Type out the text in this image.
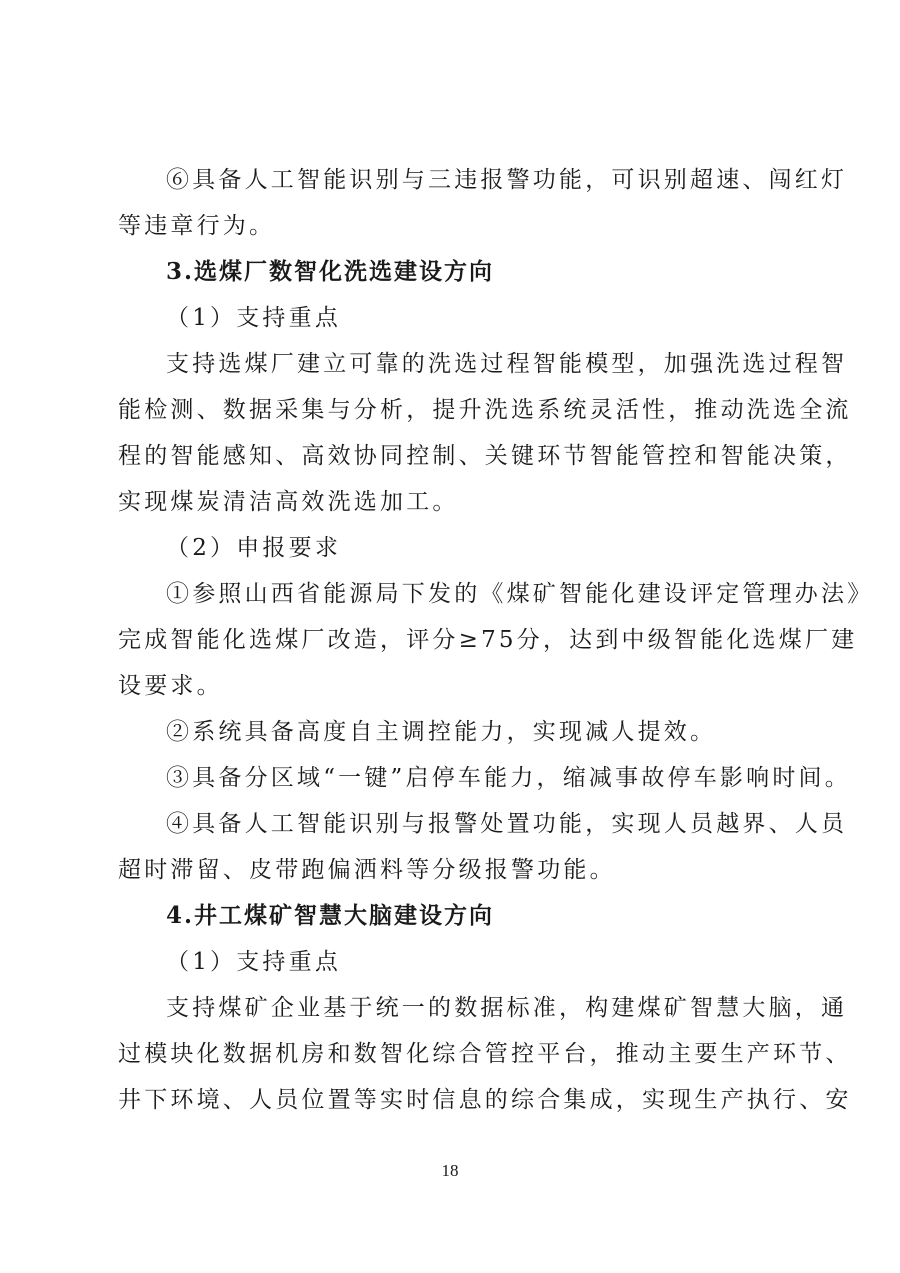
⑥具备人工智能识别与三违报警功能，可识别超速、闯红灯
等违章行为。
3.选煤厂数智化洗选建设方向
（1）支持重点
支持选煤厂建立可靠的洗选过程智能模型，加强洗选过程智
能检测、数据采集与分析，提升洗选系统灵活性，推动洗选全流
程的智能感知、高效协同控制、关键环节智能管控和智能决策，
实现煤炭清洁高效洗选加工。
（2）申报要求
①参照山西省能源局下发的《煤矿智能化建设评定管理办法》
完成智能化选煤厂改造，评分≥75分，达到中级智能化选煤厂建
设要求。
②系统具备高度自主调控能力，实现减人提效。
③具备分区域“一键”启停车能力，缩减事故停车影响时间。
④具备人工智能识别与报警处置功能，实现人员越界、人员
超时滞留、皮带跑偏洒料等分级报警功能。
4.井工煤矿智慧大脑建设方向
（1）支持重点
支持煤矿企业基于统一的数据标准，构建煤矿智慧大脑，通
过模块化数据机房和数智化综合管控平台，推动主要生产环节、
井下环境、人员位置等实时信息的综合集成，实现生产执行、安
18
